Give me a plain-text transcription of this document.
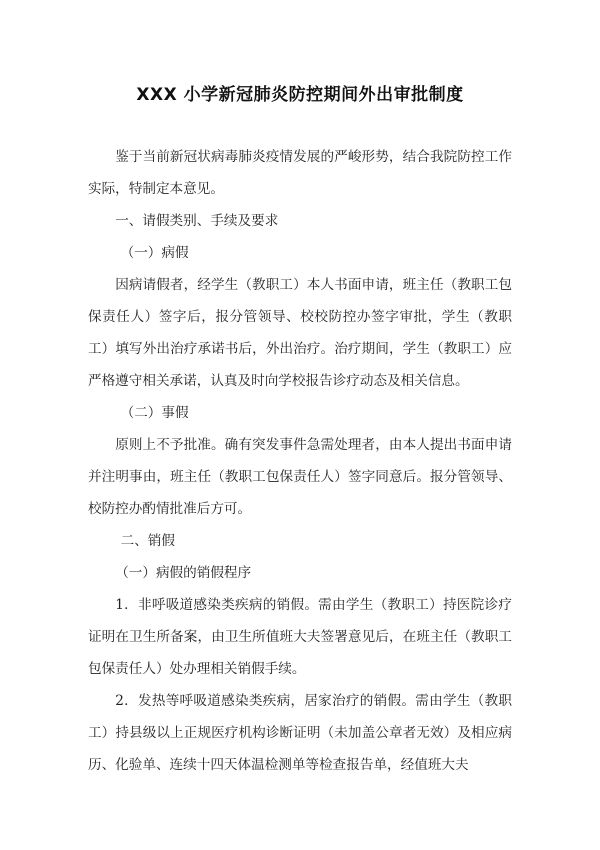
XXX 小学新冠肺炎防控期间外出审批制度

鉴于当前新冠状病毒肺炎疫情发展的严峻形势，结合我院防控工作实际，特制定本意见。

一、请假类别、手续及要求

（一）病假

因病请假者，经学生（教职工）本人书面申请，班主任（教职工包保责任人）签字后，报分管领导、校校防控办签字审批，学生（教职工）填写外出治疗承诺书后，外出治疗。治疗期间，学生（教职工）应严格遵守相关承诺，认真及时向学校报告诊疗动态及相关信息。

（二）事假

原则上不予批准。确有突发事件急需处理者，由本人提出书面申请并注明事由，班主任（教职工包保责任人）签字同意后。报分管领导、校防控办酌情批准后方可。

二、销假

（一）病假的销假程序

1．非呼吸道感染类疾病的销假。需由学生（教职工）持医院诊疗证明在卫生所备案，由卫生所值班大夫签署意见后，在班主任（教职工包保责任人）处办理相关销假手续。

2．发热等呼吸道感染类疾病，居家治疗的销假。需由学生（教职工）持县级以上正规医疗机构诊断证明（未加盖公章者无效）及相应病历、化验单、连续十四天体温检测单等检查报告单，经值班大夫
